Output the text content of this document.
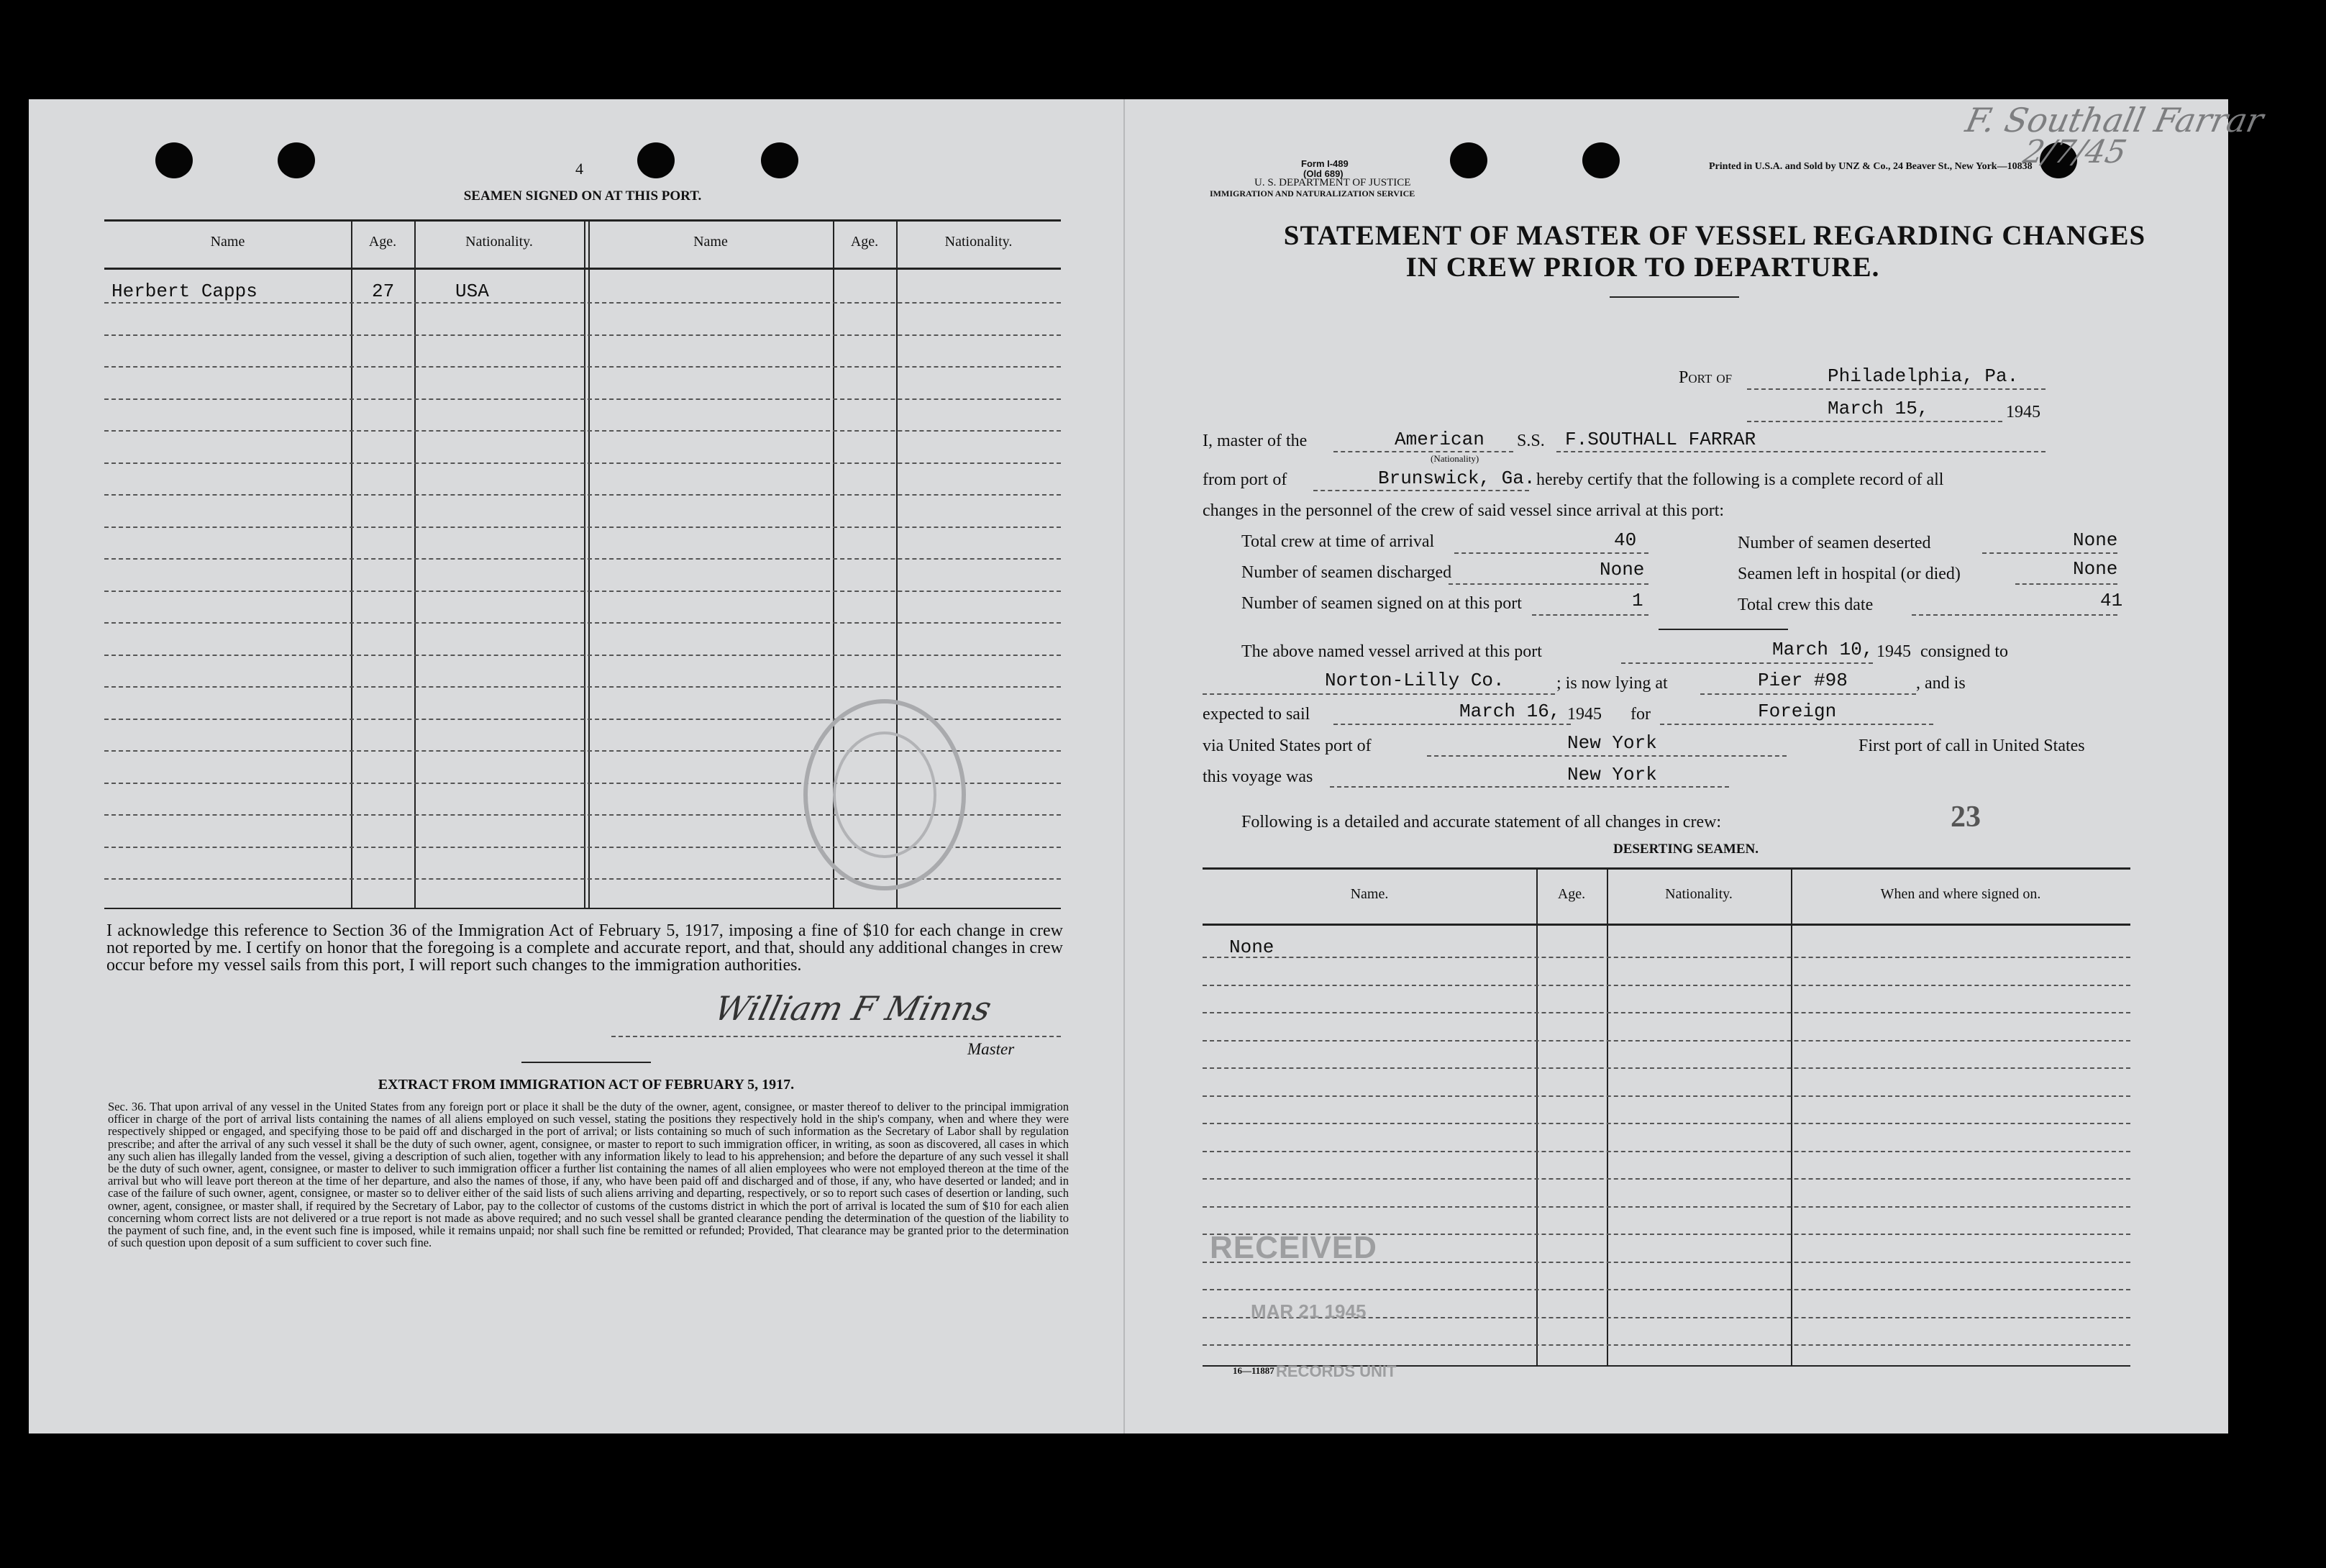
4
SEAMEN SIGNED ON AT THIS PORT.
Name	Age.	Nationality.	Name	Age.	Nationality.
Herbert Capps	27	USA
I acknowledge this reference to Section 36 of the Immigration Act of February 5, 1917, imposing a fine of $10 for each change in crew not reported by me. I certify on honor that the foregoing is a complete and accurate report, and that, should any additional changes in crew occur before my vessel sails from this port, I will report such changes to the immigration authorities.
William F Minns
Master
EXTRACT FROM IMMIGRATION ACT OF FEBRUARY 5, 1917.
Sec. 36. That upon arrival of any vessel in the United States from any foreign port or place it shall be the duty of the owner, agent, consignee, or master thereof to deliver to the principal immigration officer in charge of the port of arrival lists containing the names of all aliens employed on such vessel, stating the positions they respectively hold in the ship's company, when and where they were respectively shipped or engaged, and specifying those to be paid off and discharged in the port of arrival; or lists containing so much of such information as the Secretary of Labor shall by regulation prescribe; and after the arrival of any such vessel it shall be the duty of such owner, agent, consignee, or master to report to such immigration officer, in writing, as soon as discovered, all cases in which any such alien has illegally landed from the vessel, giving a description of such alien, together with any information likely to lead to his apprehension; and before the departure of any such vessel it shall be the duty of such owner, agent, consignee, or master to deliver to such immigration officer a further list containing the names of all alien employees who were not employed thereon at the time of the arrival but who will leave port thereon at the time of her departure, and also the names of those, if any, who have been paid off and discharged and of those, if any, who have deserted or landed; and in case of the failure of such owner, agent, consignee, or master so to deliver either of the said lists of such aliens arriving and departing, respectively, or so to report such cases of desertion or landing, such owner, agent, consignee, or master shall, if required by the Secretary of Labor, pay to the collector of customs of the customs district in which the port of arrival is located the sum of $10 for each alien concerning whom correct lists are not delivered or a true report is not made as above required; and no such vessel shall be granted clearance pending the determination of the question of the liability to the payment of such fine, and, in the event such fine is imposed, while it remains unpaid; nor shall such fine be remitted or refunded; Provided, That clearance may be granted prior to the determination of such question upon deposit of a sum sufficient to cover such fine.
Form I-489
(Old 689)
U. S. DEPARTMENT OF JUSTICE
IMMIGRATION AND NATURALIZATION SERVICE
Printed in U.S.A. and Sold by UNZ & Co., 24 Beaver St., New York—10838
F. Southall Farrar
2/7/45
STATEMENT OF MASTER OF VESSEL REGARDING CHANGES
IN CREW PRIOR TO DEPARTURE.
Port of	Philadelphia, Pa.
March 15,	1945
I, master of the	American
(Nationality)
S.S. F.SOUTHALL FARRAR
from port of	Brunswick, Ga. hereby certify that the following is a complete record of all
changes in the personnel of the crew of said vessel since arrival at this port:
Total crew at time of arrival	40
Number of seamen discharged	None
Number of seamen signed on at this port	1
Number of seamen deserted	None
Seamen left in hospital (or died)	None
Total crew this date	41
The above named vessel arrived at this port	March 10, 1945 consigned to
Norton-Lilly Co.	; is now lying at	Pier #98	, and is
expected to sail	March 16, 1945 for	Foreign
via United States port of	New York	First port of call in United States
this voyage was	New York
Following is a detailed and accurate statement of all changes in crew:	23
DESERTING SEAMEN.
Name.	Age.	Nationality.	When and where signed on.
None
RECEIVED
MAR 21 1945
RECORDS UNIT
16—11887
